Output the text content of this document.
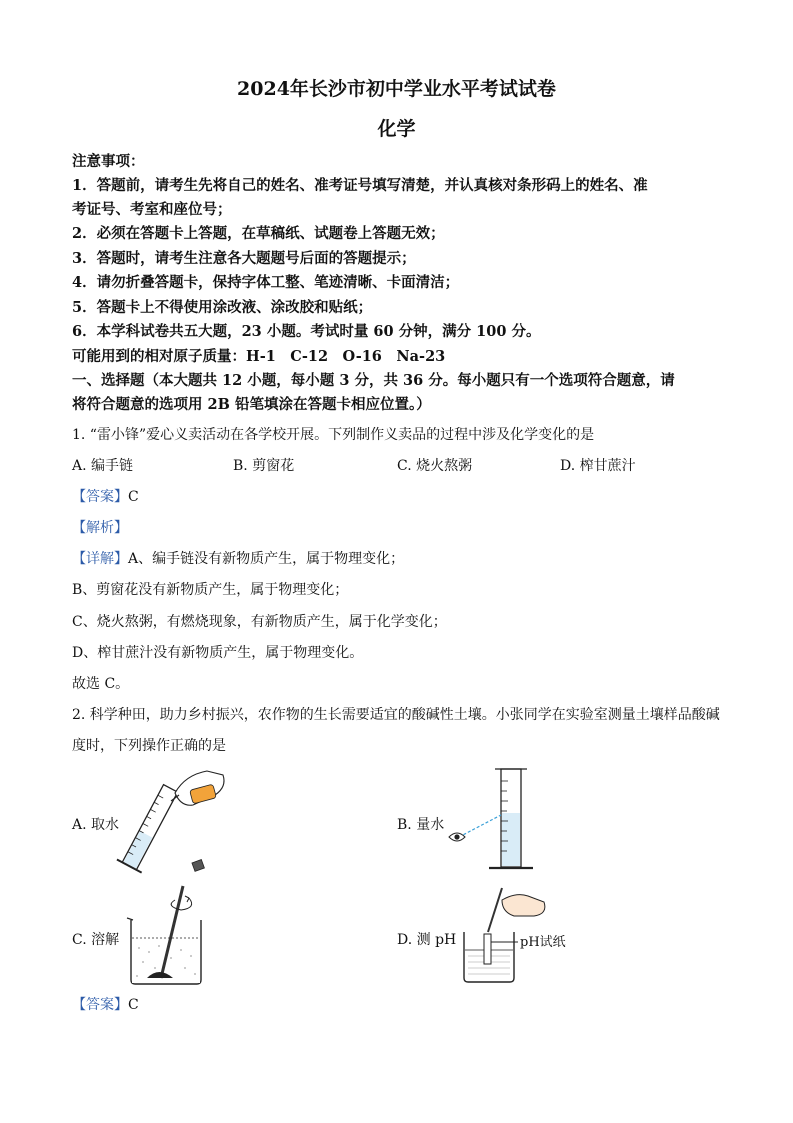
2024年长沙市初中学业水平考试试卷
化学
注意事项：
1．答题前，请考生先将自己的姓名、准考证号填写清楚，并认真核对条形码上的姓名、准
考证号、考室和座位号；
2．必须在答题卡上答题，在草稿纸、试题卷上答题无效；
3．答题时，请考生注意各大题题号后面的答题提示；
4．请勿折叠答题卡，保持字体工整、笔迹清晰、卡面清洁；
5．答题卡上不得使用涂改液、涂改胶和贴纸；
6．本学科试卷共五大题，23 小题。考试时量 60 分钟，满分 100 分。
可能用到的相对原子质量：H-1　C-12　O-16　Na-23
一、选择题（本大题共 12 小题，每小题 3 分，共 36 分。每小题只有一个选项符合题意，请
将符合题意的选项用 2B 铅笔填涂在答题卡相应位置。）
1. “雷小锋”爱心义卖活动在各学校开展。下列制作义卖品的过程中涉及化学变化的是
A. 编手链	B. 剪窗花	C. 烧火熬粥	D. 榨甘蔗汁
【答案】C
【解析】
【详解】A、编手链没有新物质产生，属于物理变化；
B、剪窗花没有新物质产生，属于物理变化；
C、烧火熬粥，有燃烧现象，有新物质产生，属于化学变化；
D、榨甘蔗汁没有新物质产生，属于物理变化。
故选 C。
2. 科学种田，助力乡村振兴，农作物的生长需要适宜的酸碱性土壤。小张同学在实验室测量土壤样品酸碱
度时，下列操作正确的是
A. 取水	B. 量水
C. 溶解	D. 测 pH	pH试纸
【答案】C
